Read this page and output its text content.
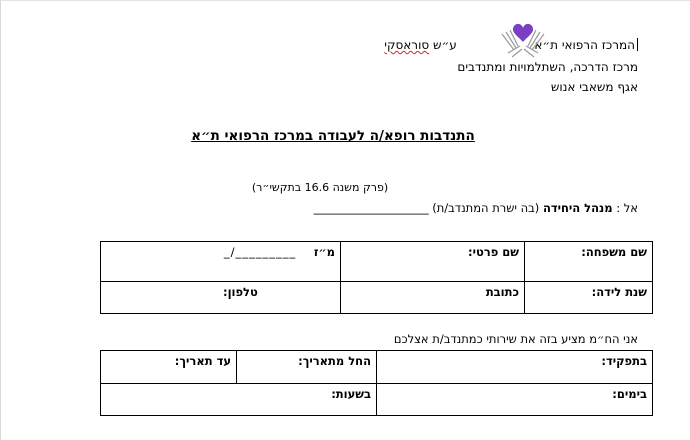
המרכז הרפואי ת״א  ע״ש סוראסקי
מרכז הדרכה, השתלמויות ומתנדבים
אגף משאבי אנוש
התנדבות רופא/ה לעבודה במרכז הרפואי ת״א
(פרק משנה 16.6 בתקשי״ר)
אל : מנהל היחידה (בה ישרת המתנדב/ת) ____________________
שם משפחה:	שם פרטי:	מ״ז _/_________
שנת לידה:	כתובת	טלפון:
אני הח״מ מציע בזה את שירותי כמתנדב/ת אצלכם
בתפקיד:	החל מתאריך:	עד תאריך:
בימים:	בשעות:	
